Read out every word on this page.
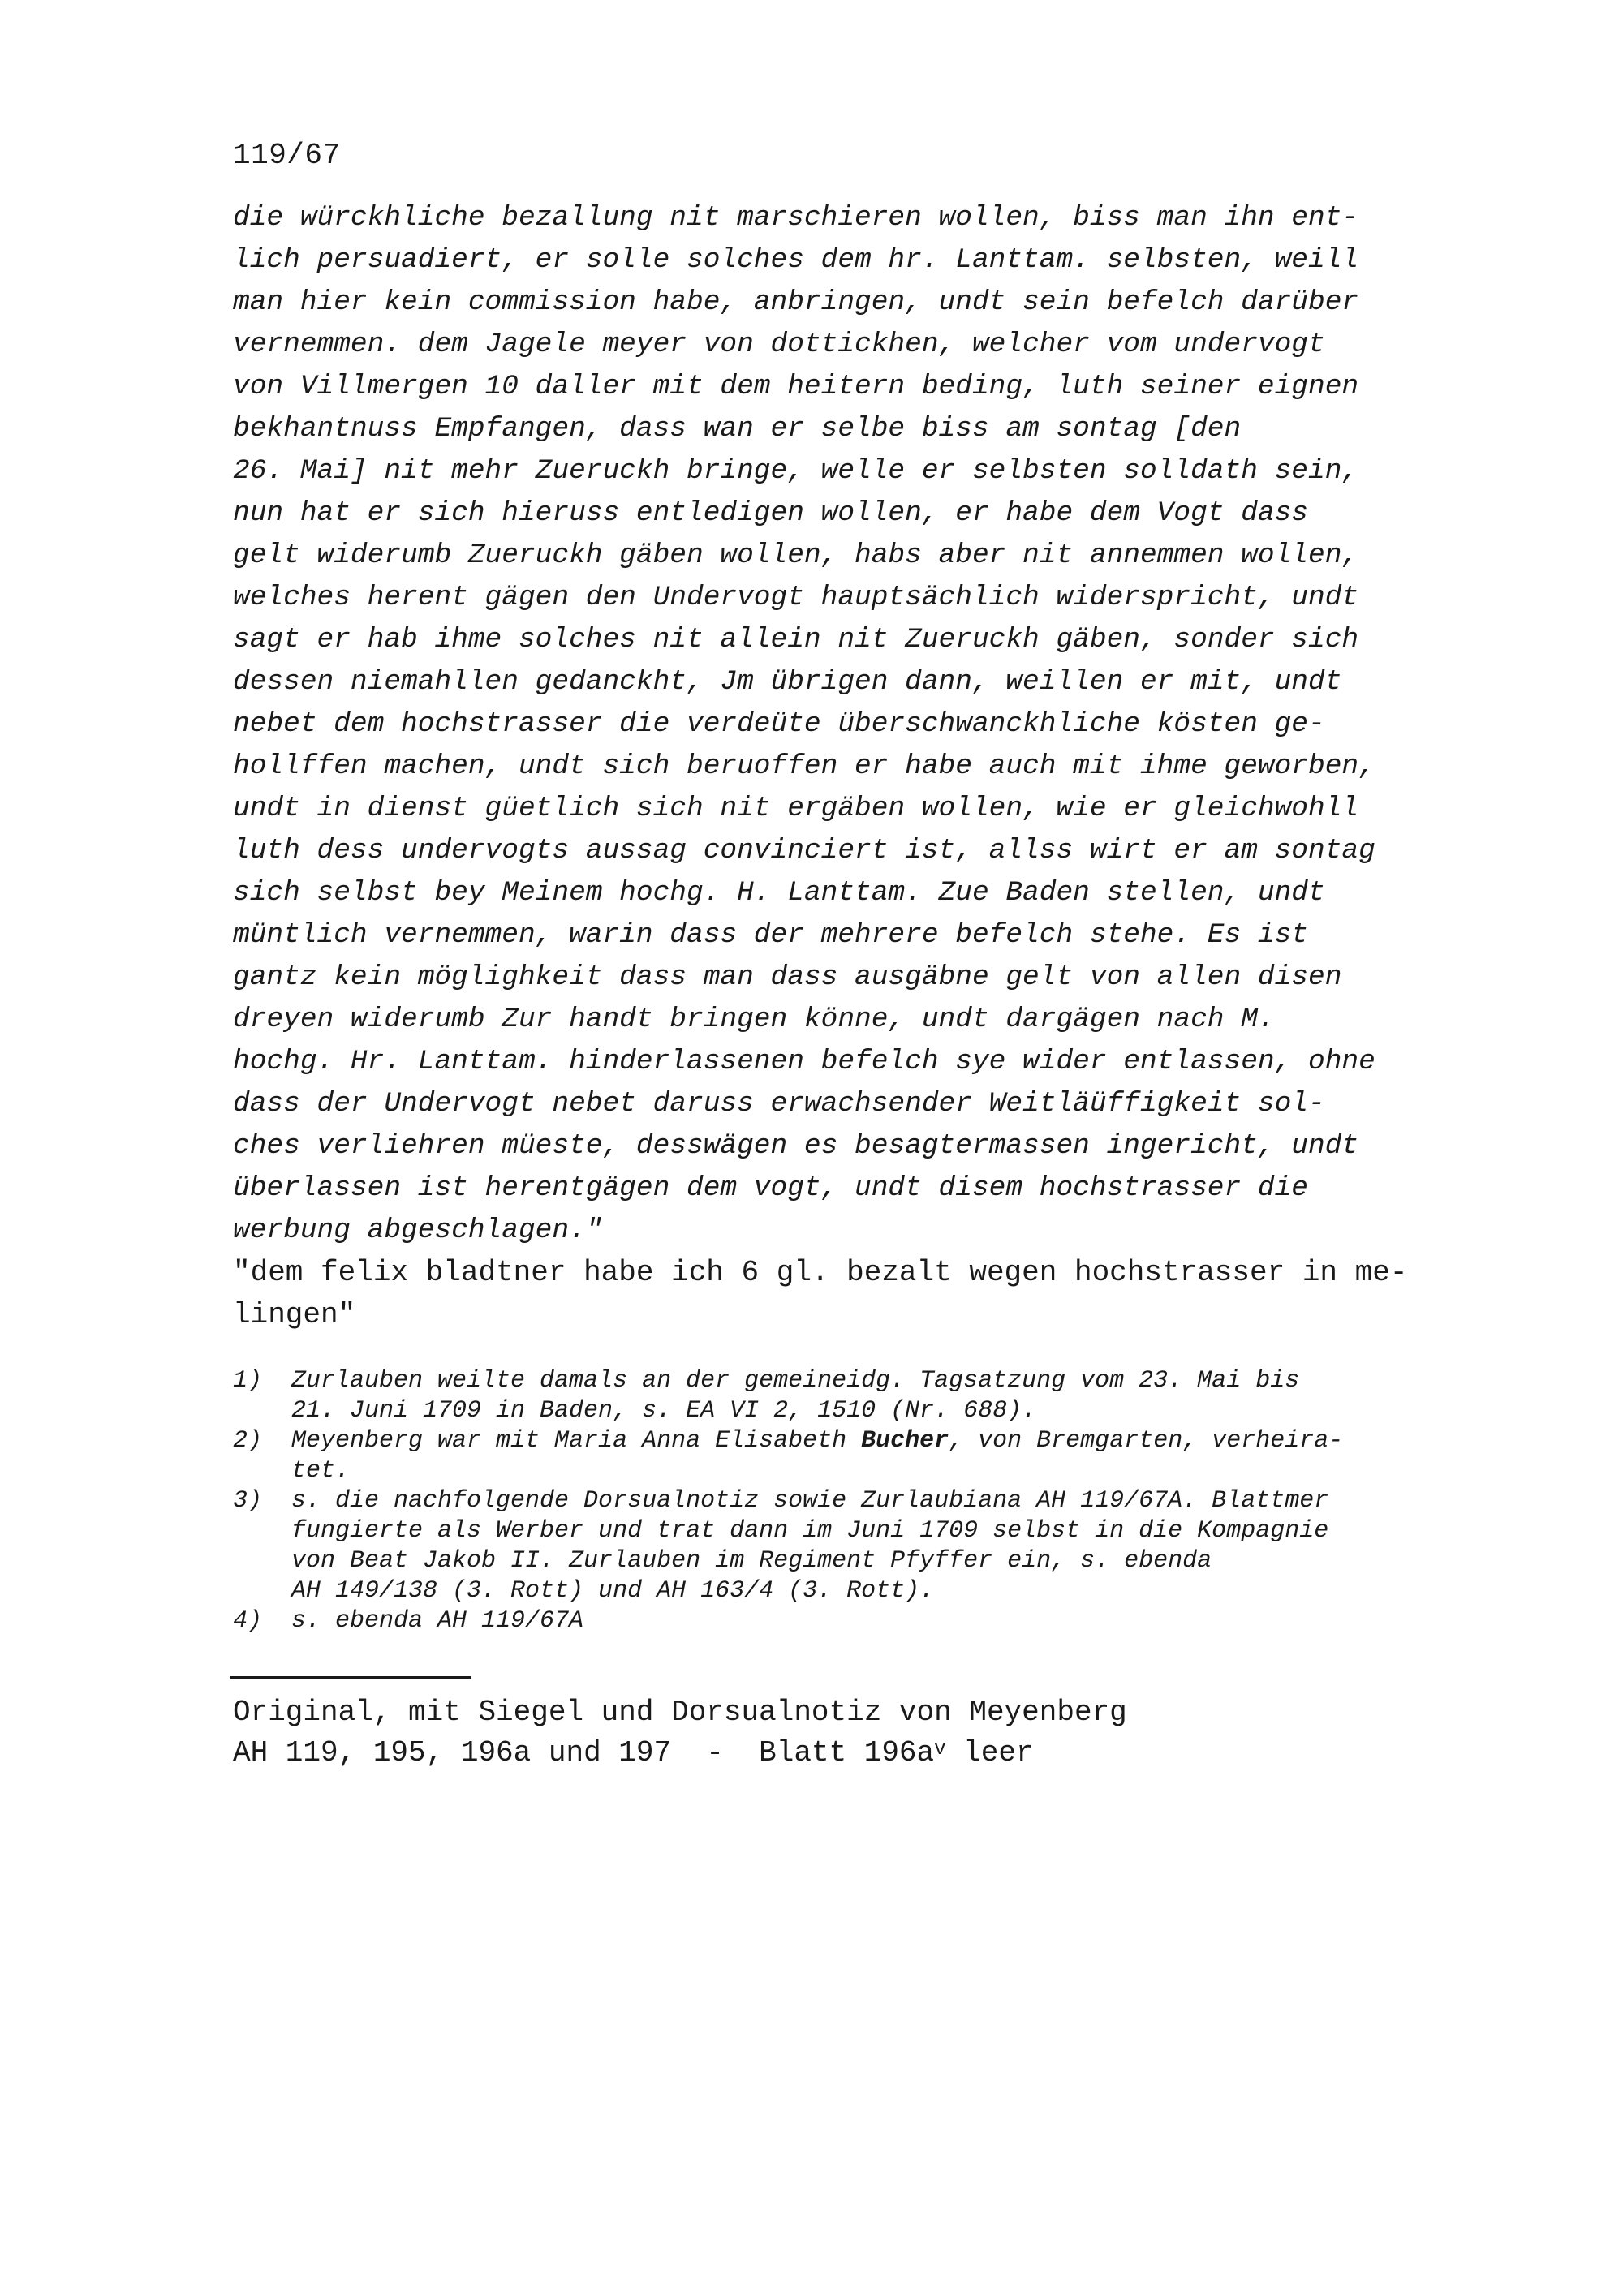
119/67
die würckhliche bezallung nit marschieren wollen, biss man ihn ent-
lich persuadiert, er solle solches dem hr. Lanttam. selbsten, weill
man hier kein commission habe, anbringen, undt sein befelch darüber
vernemmen. dem Jagele meyer von dottickhen, welcher vom undervogt
von Villmergen 10 daller mit dem heitern beding, luth seiner eignen
bekhantnuss Empfangen, dass wan er selbe biss am sontag [den
26. Mai] nit mehr Zueruckh bringe, welle er selbsten solldath sein,
nun hat er sich hieruss entledigen wollen, er habe dem Vogt dass
gelt widerumb Zueruckh gäben wollen, habs aber nit annemmen wollen,
welches herent gägen den Undervogt hauptsächlich widerspricht, undt
sagt er hab ihme solches nit allein nit Zueruckh gäben, sonder sich
dessen niemahllen gedanckht, Jm übrigen dann, weillen er mit, undt
nebet dem hochstrasser die verdeüte überschwanckhliche kösten ge-
hollffen machen, undt sich beruoffen er habe auch mit ihme geworben,
undt in dienst güetlich sich nit ergäben wollen, wie er gleichwohll
luth dess undervogts aussag convinciert ist, allss wirt er am sontag
sich selbst bey Meinem hochg. H. Lanttam. Zue Baden stellen, undt
müntlich vernemmen, warin dass der mehrere befelch stehe. Es ist
gantz kein möglighkeit dass man dass ausgäbne gelt von allen disen
dreyen widerumb Zur handt bringen könne, undt dargägen nach M.
hochg. Hr. Lanttam. hinderlassenen befelch sye wider entlassen, ohne
dass der Undervogt nebet daruss erwachsender Weitläüffigkeit sol-
ches verliehren müeste, desswägen es besagtermassen ingericht, undt
überlassen ist herentgägen dem vogt, undt disem hochstrasser die
werbung abgeschlagen."
"dem felix bladtner habe ich 6 gl. bezalt wegen hochstrasser in me-
lingen"
1)	Zurlauben weilte damals an der gemeineidg. Tagsatzung vom 23. Mai bis
21. Juni 1709 in Baden, s. EA VI 2, 1510 (Nr. 688).
2)	Meyenberg war mit Maria Anna Elisabeth Bucher, von Bremgarten, verheira-
tet.
3)	s. die nachfolgende Dorsualnotiz sowie Zurlaubiana AH 119/67A. Blattmer
fungierte als Werber und trat dann im Juni 1709 selbst in die Kompagnie
von Beat Jakob II. Zurlauben im Regiment Pfyffer ein, s. ebenda
AH 149/138 (3. Rott) und AH 163/4 (3. Rott).
4)	s. ebenda AH 119/67A
Original, mit Siegel und Dorsualnotiz von Meyenberg
AH 119, 195, 196a und 197  -  Blatt $196a^v$ leer
